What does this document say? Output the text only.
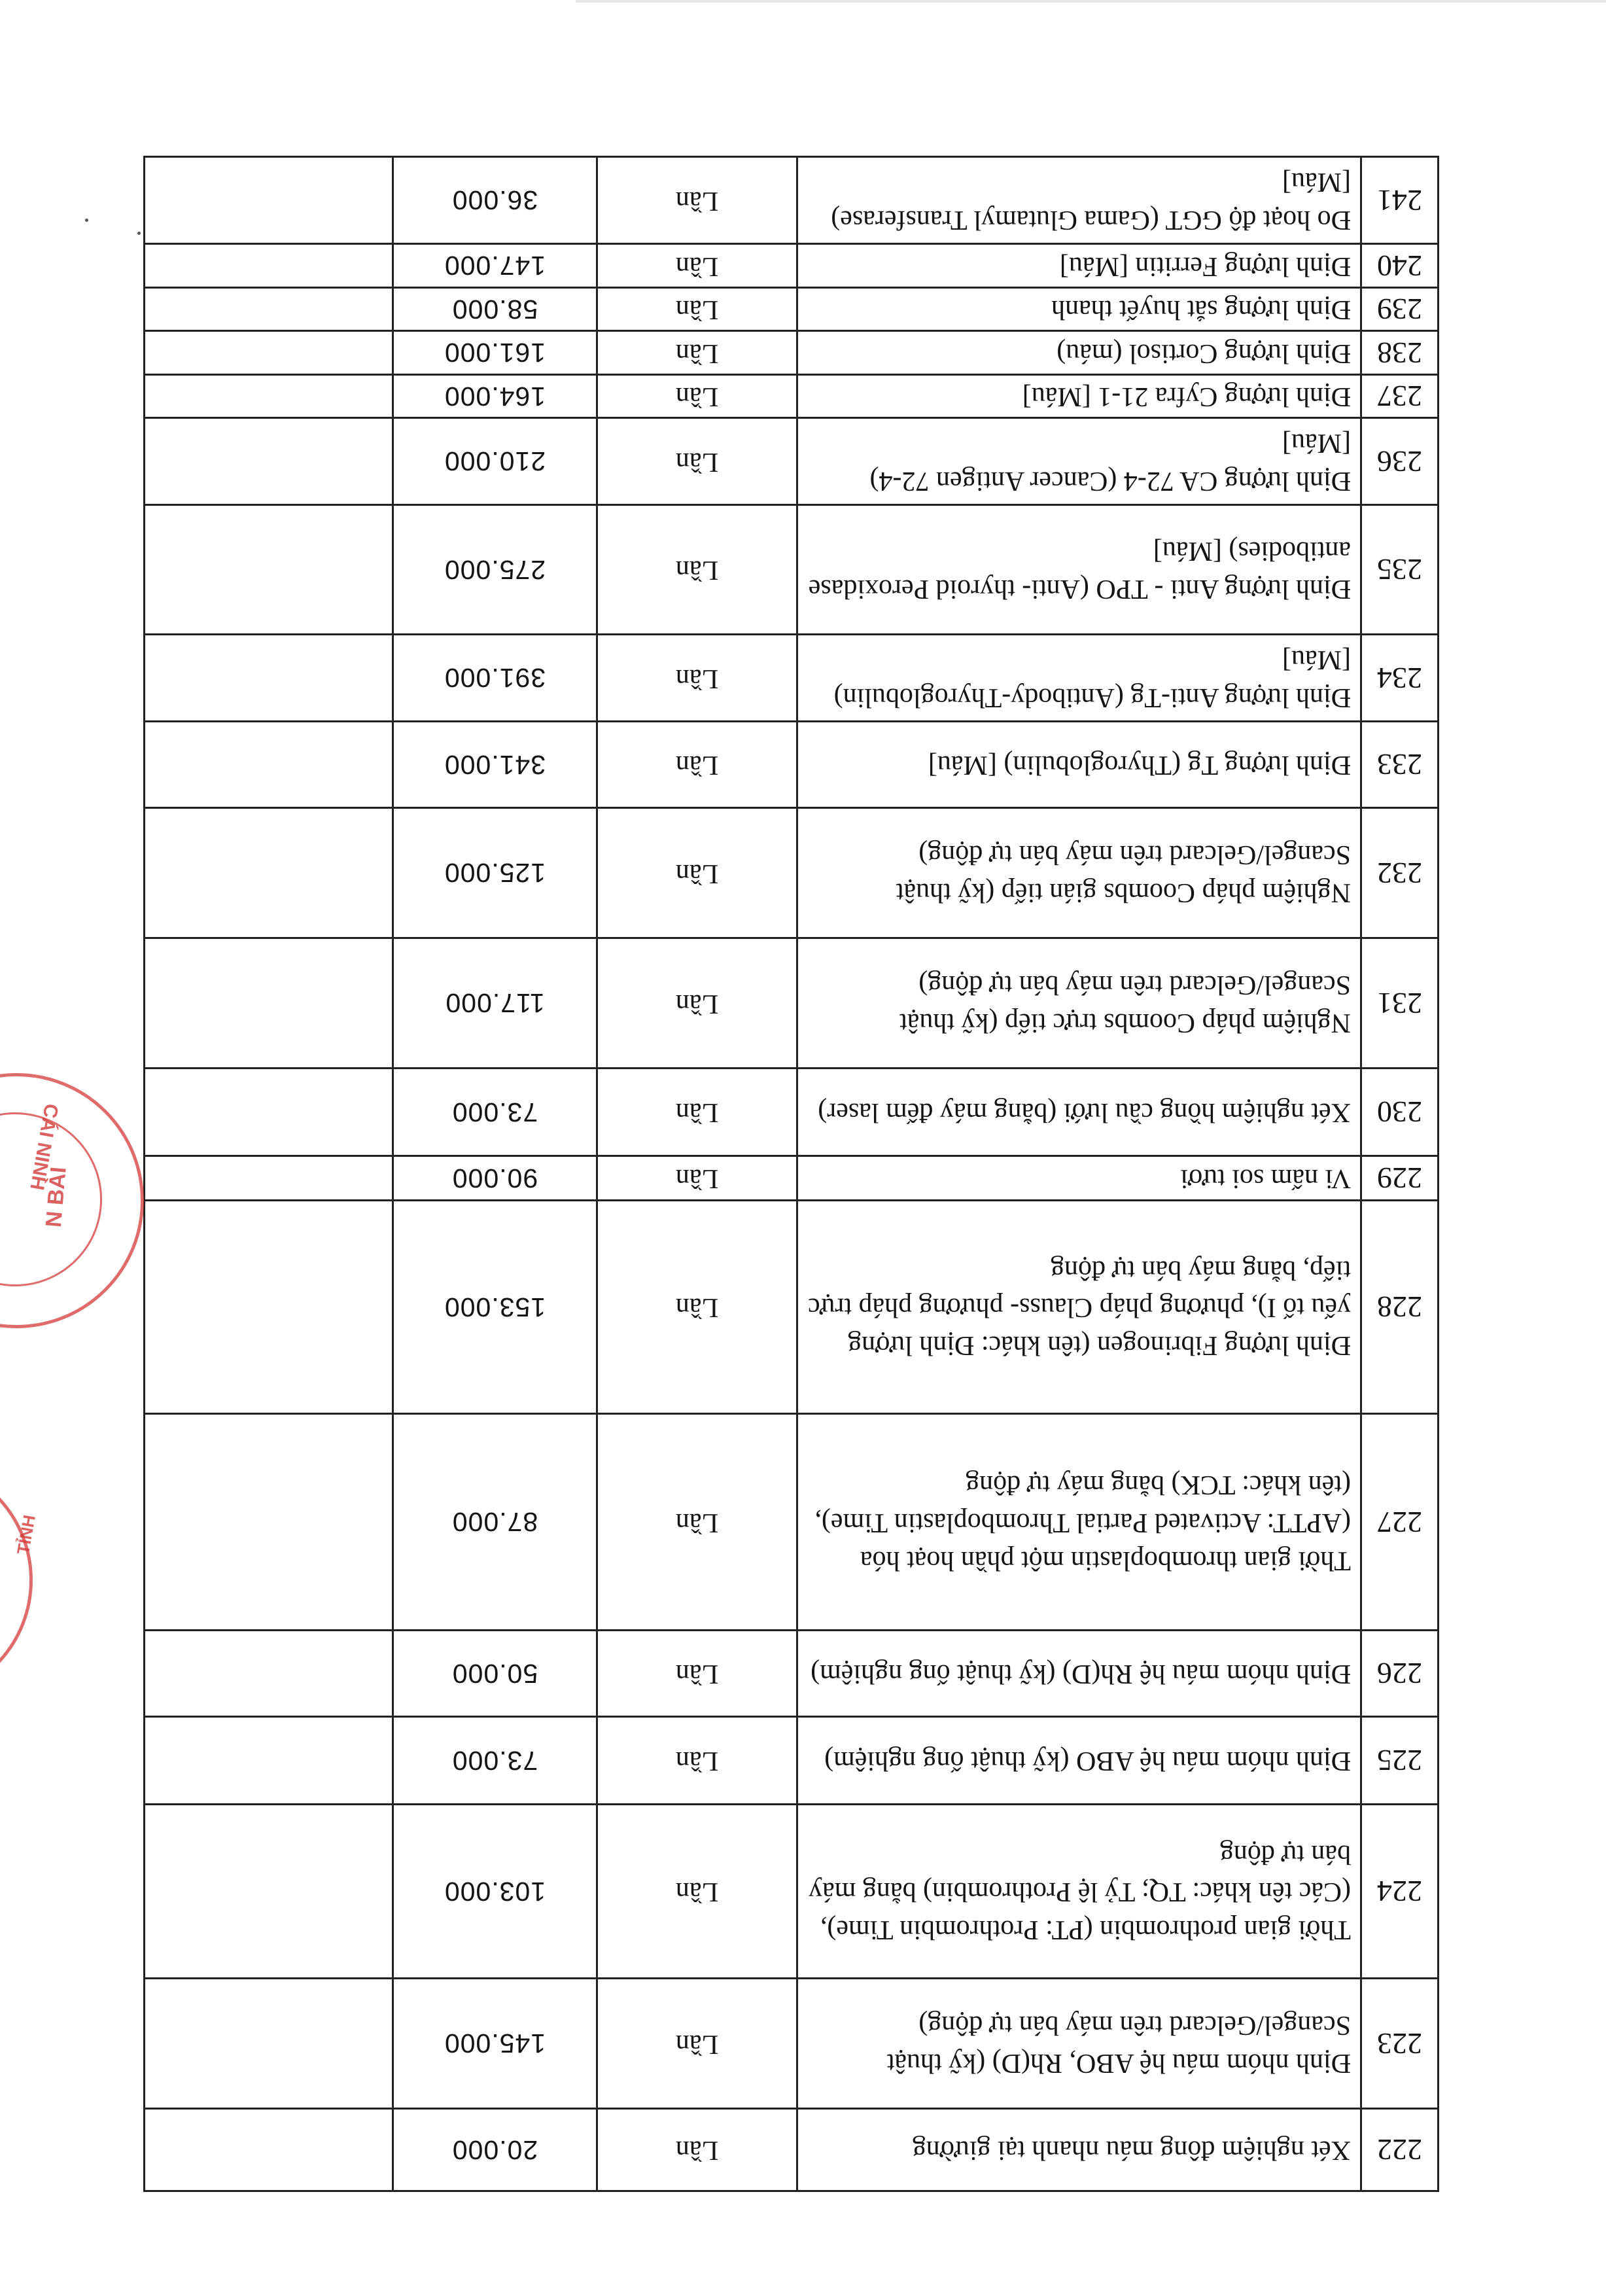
222	Xét nghiệm đông máu nhanh tại giường	Lần	20.000	
223	Định nhóm máu hệ ABO, Rh(D) (kỹ thuật Scangel/Gelcard trên máy bán tự động)	Lần	145.000	
224	Thời gian prothrombin (PT: Prothrombin Time), (Các tên khác: TQ; Tỷ lệ Prothrombin) bằng máy bán tự động	Lần	103.000	
225	Định nhóm máu hệ ABO (kỹ thuật ống nghiệm)	Lần	73.000	
226	Định nhóm máu hệ Rh(D) (kỹ thuật ống nghiệm)	Lần	50.000	
227	Thời gian thromboplastin một phần hoạt hóa (APTT: Activated Partial Thromboplastin Time), (tên khác: TCK) bằng máy tự động	Lần	87.000	
228	Định lượng Fibrinogen (tên khác: Định lượng yếu tố I), phương pháp Clauss- phương pháp trực tiếp, bằng máy bán tự động	Lần	153.000	
229	Vi nấm soi tươi	Lần	90.000	
230	Xét nghiệm hồng cầu lưới (bằng máy đếm laser)	Lần	73.000	
231	Nghiệm pháp Coombs trực tiếp (kỹ thuật Scangel/Gelcard trên máy bán tự động)	Lần	117.000	
232	Nghiệm pháp Coombs gián tiếp (kỹ thuật Scangel/Gelcard trên máy bán tự động)	Lần	125.000	
233	Định lượng Tg (Thyroglobulin) [Máu]	Lần	341.000	
234	Định lượng Anti-Tg (Antibody-Thyroglobulin) [Máu]	Lần	391.000	
235	Định lượng Anti - TPO (Anti- thyroid Peroxidase antibodies) [Máu]	Lần	275.000	
236	Định lượng CA 72-4 (Cancer Antigen 72-4) [Máu]	Lần	210.000	
237	Định lượng Cyfra 21-1 [Máu]	Lần	164.000	
238	Định lượng Cortisol (máu)	Lần	161.000	
239	Định lượng sắt huyết thanh	Lần	58.000	
240	Định lượng Ferritin [Máu]	Lần	147.000	
241	Đo hoạt độ GGT (Gama Glutamyl Transferase) [Máu]	Lần	36.000	
CÁI NINH
N BÀI
TỈNH
